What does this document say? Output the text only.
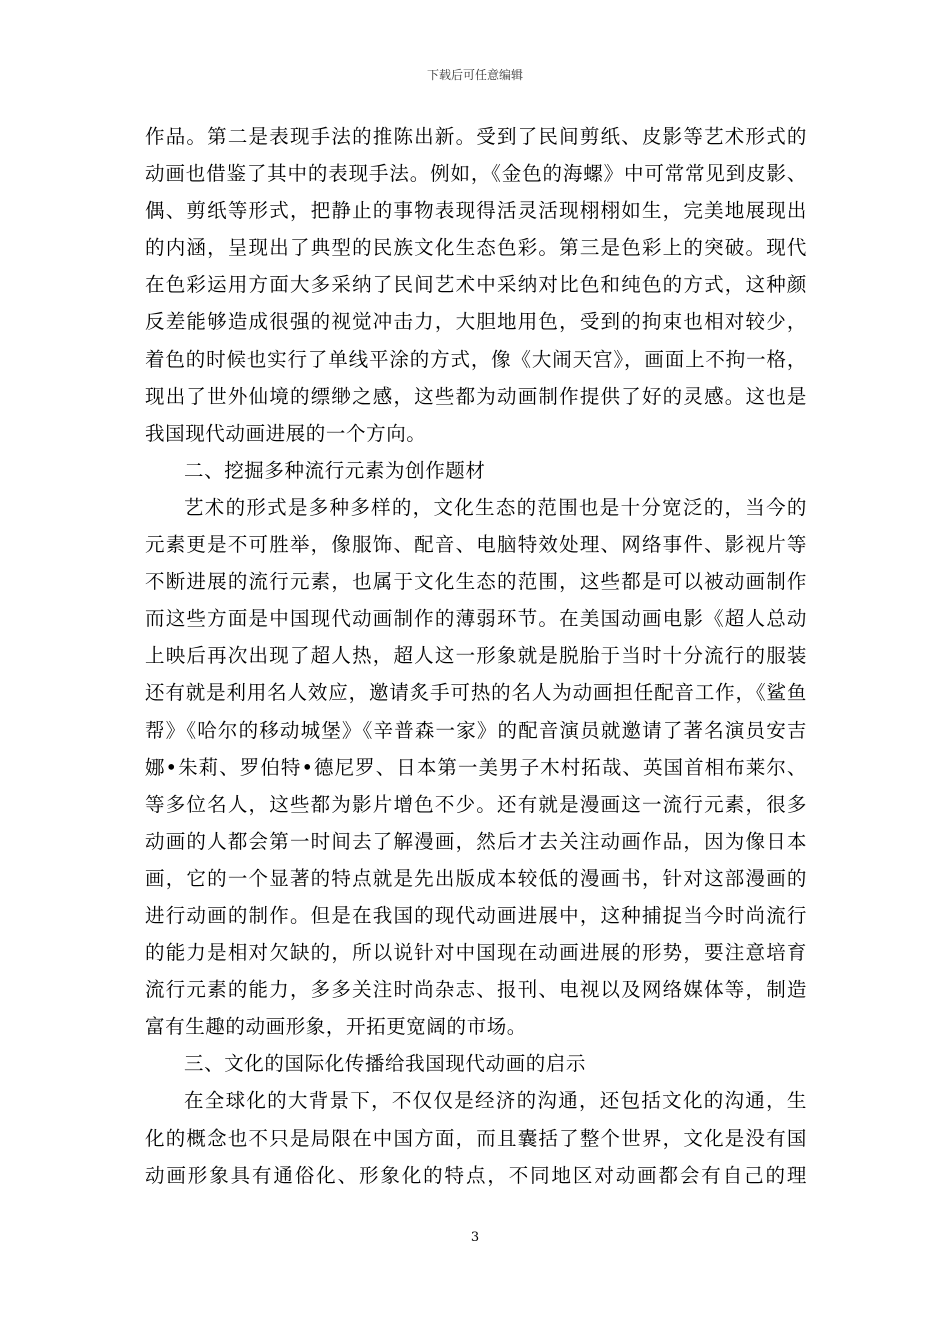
下载后可任意编辑
作品。第二是表现手法的推陈出新。受到了民间剪纸、皮影等艺术形式的
动画也借鉴了其中的表现手法。例如，《金色的海螺》中可常常见到皮影、
偶、剪纸等形式，把静止的事物表现得活灵活现栩栩如生，完美地展现出
的内涵，呈现出了典型的民族文化生态色彩。第三是色彩上的突破。现代
在色彩运用方面大多采纳了民间艺术中采纳对比色和纯色的方式，这种颜
反差能够造成很强的视觉冲击力，大胆地用色，受到的拘束也相对较少，
着色的时候也实行了单线平涂的方式，像《大闹天宫》，画面上不拘一格，
现出了世外仙境的缥缈之感，这些都为动画制作提供了好的灵感。这也是
我国现代动画进展的一个方向。
二、挖掘多种流行元素为创作题材
艺术的形式是多种多样的，文化生态的范围也是十分宽泛的，当今的
元素更是不可胜举，像服饰、配音、电脑特效处理、网络事件、影视片等
不断进展的流行元素，也属于文化生态的范围，这些都是可以被动画制作
而这些方面是中国现代动画制作的薄弱环节。在美国动画电影《超人总动
上映后再次出现了超人热，超人这一形象就是脱胎于当时十分流行的服装
还有就是利用名人效应，邀请炙手可热的名人为动画担任配音工作，《鲨鱼
帮》《哈尔的移动城堡》《辛普森一家》的配音演员就邀请了著名演员安吉
娜•朱莉、罗伯特•德尼罗、日本第一美男子木村拓哉、英国首相布莱尔、
等多位名人，这些都为影片增色不少。还有就是漫画这一流行元素，很多
动画的人都会第一时间去了解漫画，然后才去关注动画作品，因为像日本
画，它的一个显著的特点就是先出版成本较低的漫画书，针对这部漫画的
进行动画的制作。但是在我国的现代动画进展中，这种捕捉当今时尚流行
的能力是相对欠缺的，所以说针对中国现在动画进展的形势，要注意培育
流行元素的能力，多多关注时尚杂志、报刊、电视以及网络媒体等，制造
富有生趣的动画形象，开拓更宽阔的市场。
三、文化的国际化传播给我国现代动画的启示
在全球化的大背景下，不仅仅是经济的沟通，还包括文化的沟通，生
化的概念也不只是局限在中国方面，而且囊括了整个世界，文化是没有国
动画形象具有通俗化、形象化的特点，不同地区对动画都会有自己的理
3
